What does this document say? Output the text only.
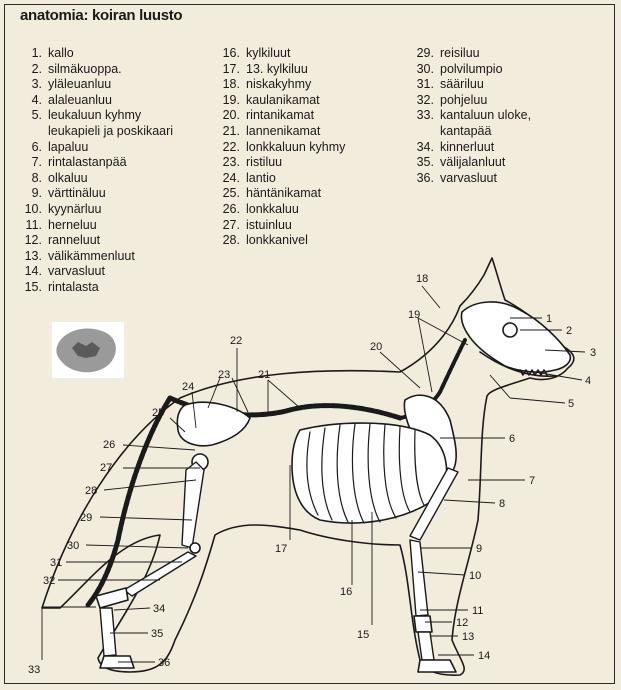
anatomia: koiran luusto
1. kallo
2. silmäkuoppa.
3. yläleuanluu
4. alaleuanluu
5. leukaluun kyhmy
leukapieli ja poskikaari
6. lapaluu
7. rintalastanpää
8. olkaluu
9. värttinäluu
10. kyynärluu
11. herneluu
12. ranneluut
13. välikämmenluut
14. varvasluut
15. rintalasta
16. kylkiluut
17. 13. kylkiluu
18. niskakyhmy
19. kaulanikamat
20. rintanikamat
21. lannenikamat
22. lonkkaluun kyhmy
23. ristiluu
24. lantio
25. häntänikamat
26. lonkkaluu
27. istuinluu
28. lonkkanivel
29. reisiluu
30. polvilumpio
31. sääriluu
32. pohjeluu
33. kantaluun uloke,
kantapää
34. kinnerluut
35. välijalanluut
36. varvasluut
1
2
3
4
5
6
7
8
9
10
11
12
13
14
15
16
17
18
19
20
21
22
23
24
25
26
27
28
29
30
31
32
33
34
35
36
